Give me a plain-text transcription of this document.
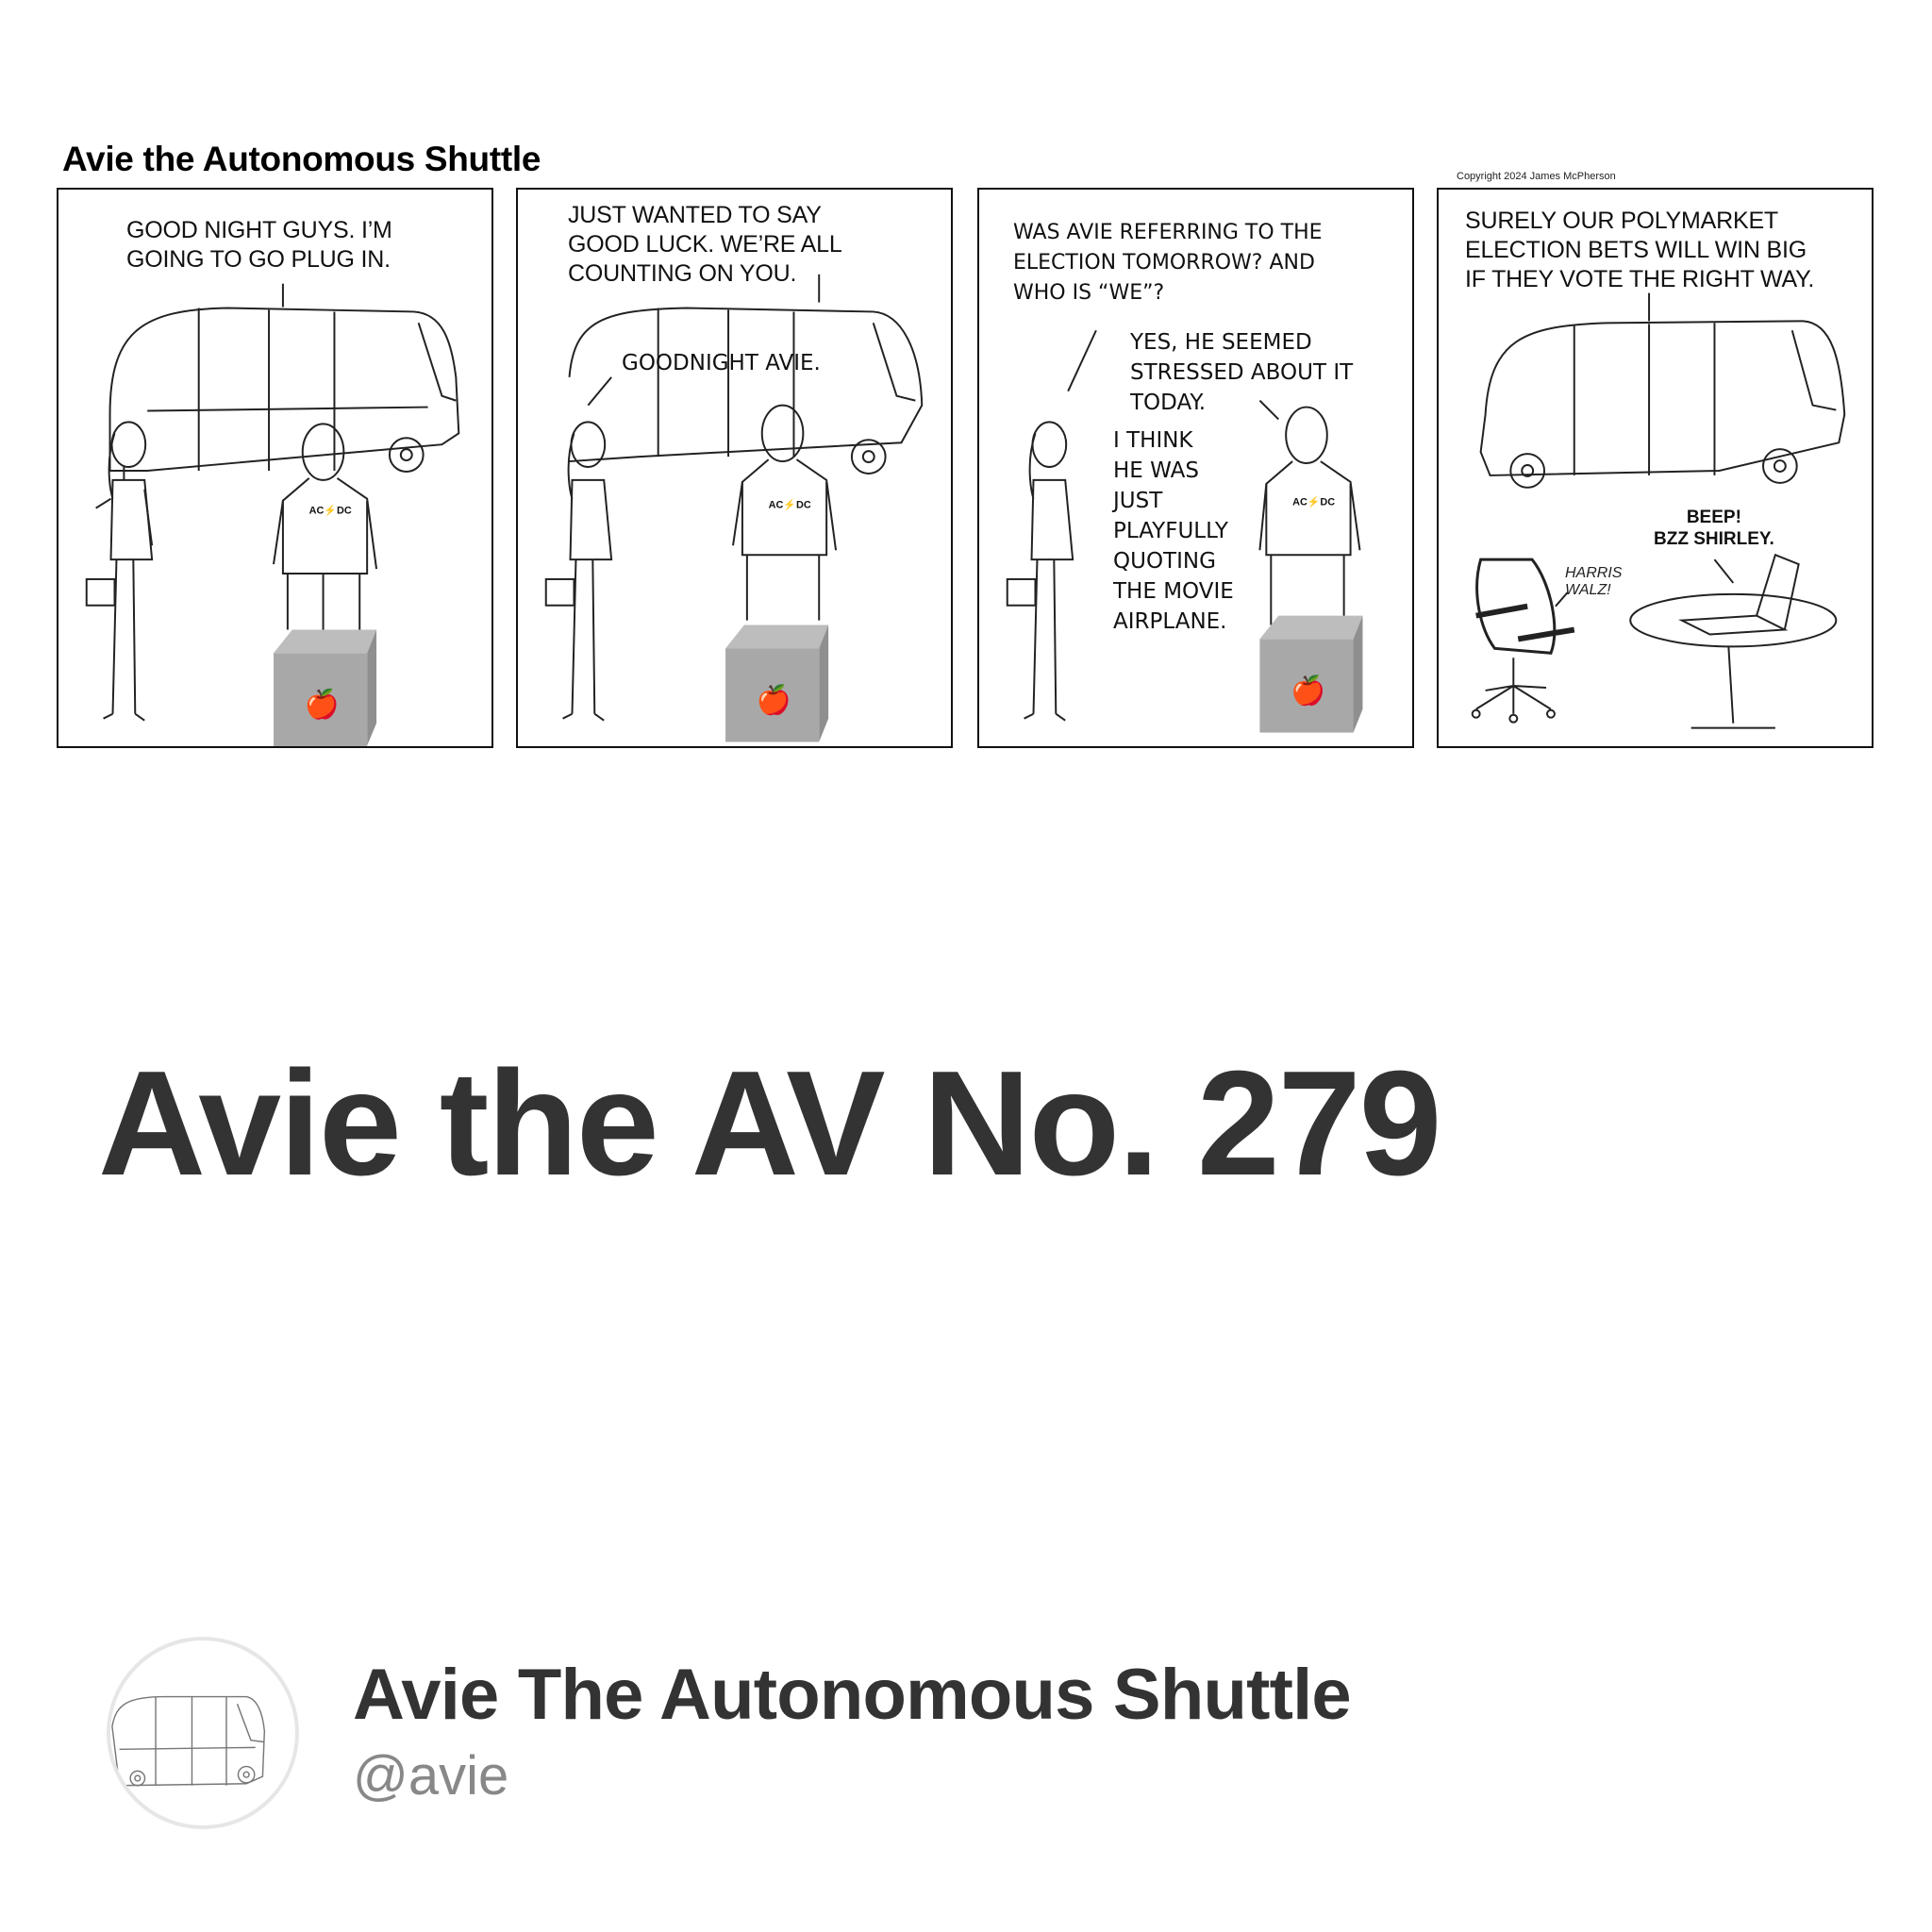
Avie the Autonomous Shuttle	Copyright 2024 James McPherson
AC⚡DC
🍎
GOOD NIGHT GUYS. I’M
GOING TO GO PLUG IN.
AC⚡DC
🍎
JUST WANTED TO SAY
GOOD LUCK. WE’RE ALL
COUNTING ON YOU.
GOODNIGHT AVIE.
AC⚡DC
🍎
WAS AVIE REFERRING TO THE
ELECTION TOMORROW? AND
WHO IS “WE”?
YES, HE SEEMED
STRESSED ABOUT IT
TODAY.
I THINK
HE WAS
JUST
PLAYFULLY
QUOTING
THE MOVIE
AIRPLANE.
SURELY OUR POLYMARKET
ELECTION BETS WILL WIN BIG
IF THEY VOTE THE RIGHT WAY.
HARRIS
WALZ!
BEEP!
BZZ SHIRLEY.
Avie the AV No. 279
Avie The Autonomous Shuttle
@avie
